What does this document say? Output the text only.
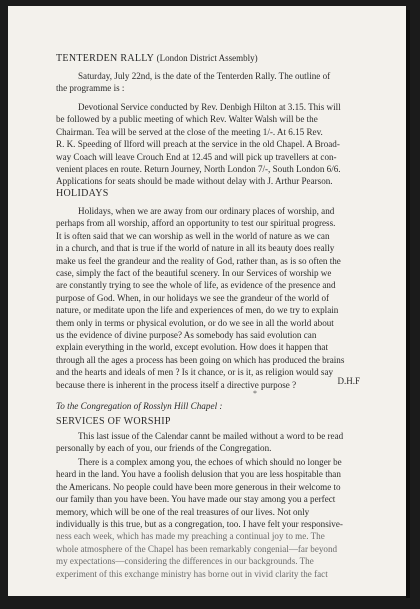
TENTERDEN RALLY (London District Assembly)
Saturday, July 22nd, is the date of the Tenterden Rally. The outline of
the programme is :
Devotional Service conducted by Rev. Denbigh Hilton at 3.15. This will
be followed by a public meeting of which Rev. Walter Walsh will be the
Chairman. Tea will be served at the close of the meeting 1/-. At 6.15 Rev.
R. K. Speeding of Ilford will preach at the service in the old Chapel. A Broad-
way Coach will leave Crouch End at 12.45 and will pick up travellers at con-
venient places en route. Return Journey, North London 7/-, South London 6/6.
Applications for seats should be made without delay with J. Arthur Pearson.
HOLIDAYS
Holidays, when we are away from our ordinary places of worship, and
perhaps from all worship, afford an opportunity to test our spiritual progress.
It is often said that we can worship as well in the world of nature as we can
in a church, and that is true if the world of nature in all its beauty does really
make us feel the grandeur and the reality of God, rather than, as is so often the
case, simply the fact of the beautiful scenery. In our Services of worship we
are constantly trying to see the whole of life, as evidence of the presence and
purpose of God. When, in our holidays we see the grandeur of the world of
nature, or meditate upon the life and experiences of men, do we try to explain
them only in terms or physical evolution, or do we see in all the world about
us the evidence of divine purpose? As somebody has said evolution can
explain everything in the world, except evolution. How does it happen that
through all the ages a process has been going on which has produced the brains
and the hearts and ideals of men ? Is it chance, or is it, as religion would say
because there is inherent in the process itself a directive purpose ?	D.H.F
*
To the Congregation of Rosslyn Hill Chapel :
SERVICES OF WORSHIP
This last issue of the Calendar cannt be mailed without a word to be read
personally by each of you, our friends of the Congregation.
There is a complex among you, the echoes of which should no longer be
heard in the land. You have a foolish delusion that you are less hospitable than
the Americans. No people could have been more generous in their welcome to
our family than you have been. You have made our stay among you a perfect
memory, which will be one of the real treasures of our lives. Not only
individually is this true, but as a congregation, too. I have felt your responsive-
ness each week, which has made my preaching a continual joy to me. The
whole atmosphere of the Chapel has been remarkably congenial—far beyond
my expectations—considering the differences in our backgrounds. The
experiment of this exchange ministry has borne out in vivid clarity the fact
